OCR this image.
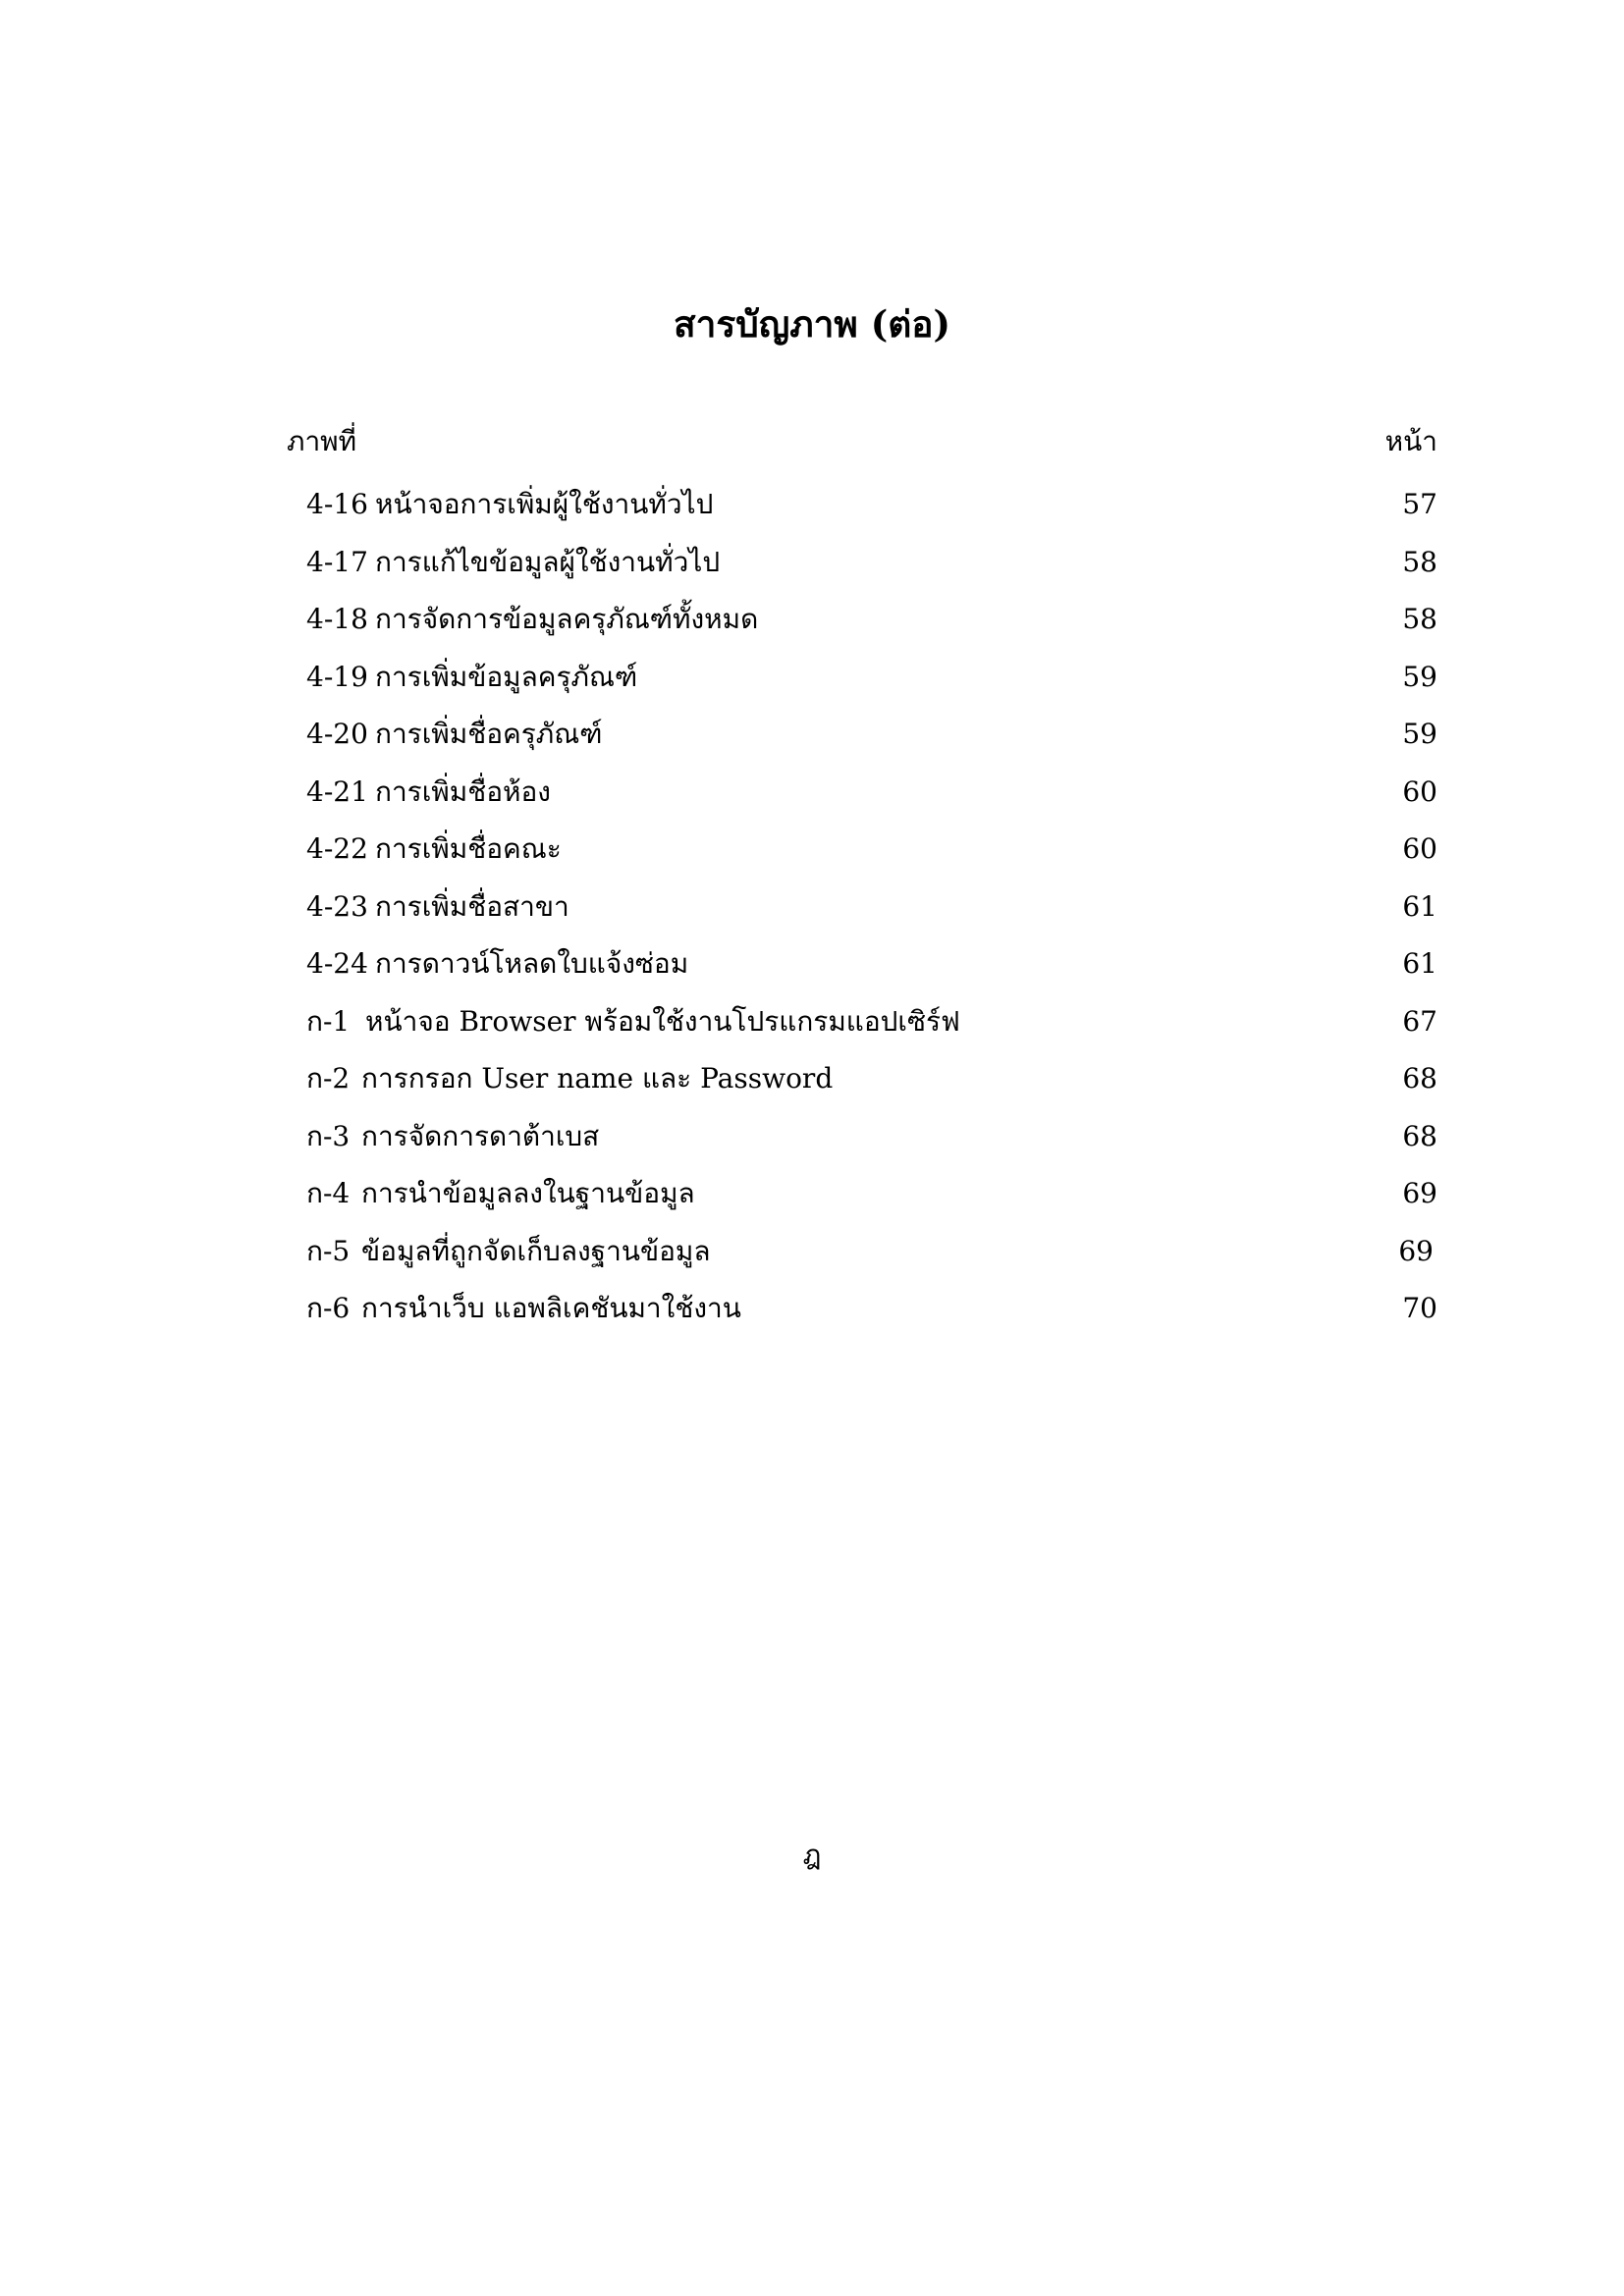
สารบัญภาพ (ต่อ)
ภาพที่	หน้า
4-16 หน้าจอการเพิ่มผู้ใช้งานทั่วไป	57
4-17 การแก้ไขข้อมูลผู้ใช้งานทั่วไป	58
4-18 การจัดการข้อมูลครุภัณฑ์ทั้งหมด	58
4-19 การเพิ่มข้อมูลครุภัณฑ์	59
4-20 การเพิ่มชื่อครุภัณฑ์	59
4-21 การเพิ่มชื่อห้อง	60
4-22 การเพิ่มชื่อคณะ	60
4-23 การเพิ่มชื่อสาขา	61
4-24 การดาวน์โหลดใบแจ้งซ่อม	61
ก-1 หน้าจอ Browser พร้อมใช้งานโปรแกรมแอปเซิร์ฟ	67
ก-2 การกรอก User name และ Password	68
ก-3 การจัดการดาต้าเบส	68
ก-4 การนำข้อมูลลงในฐานข้อมูล	69
ก-5 ข้อมูลที่ถูกจัดเก็บลงฐานข้อมูล	69
ก-6 การนำเว็บ แอพลิเคชันมาใช้งาน	70
ฎ
